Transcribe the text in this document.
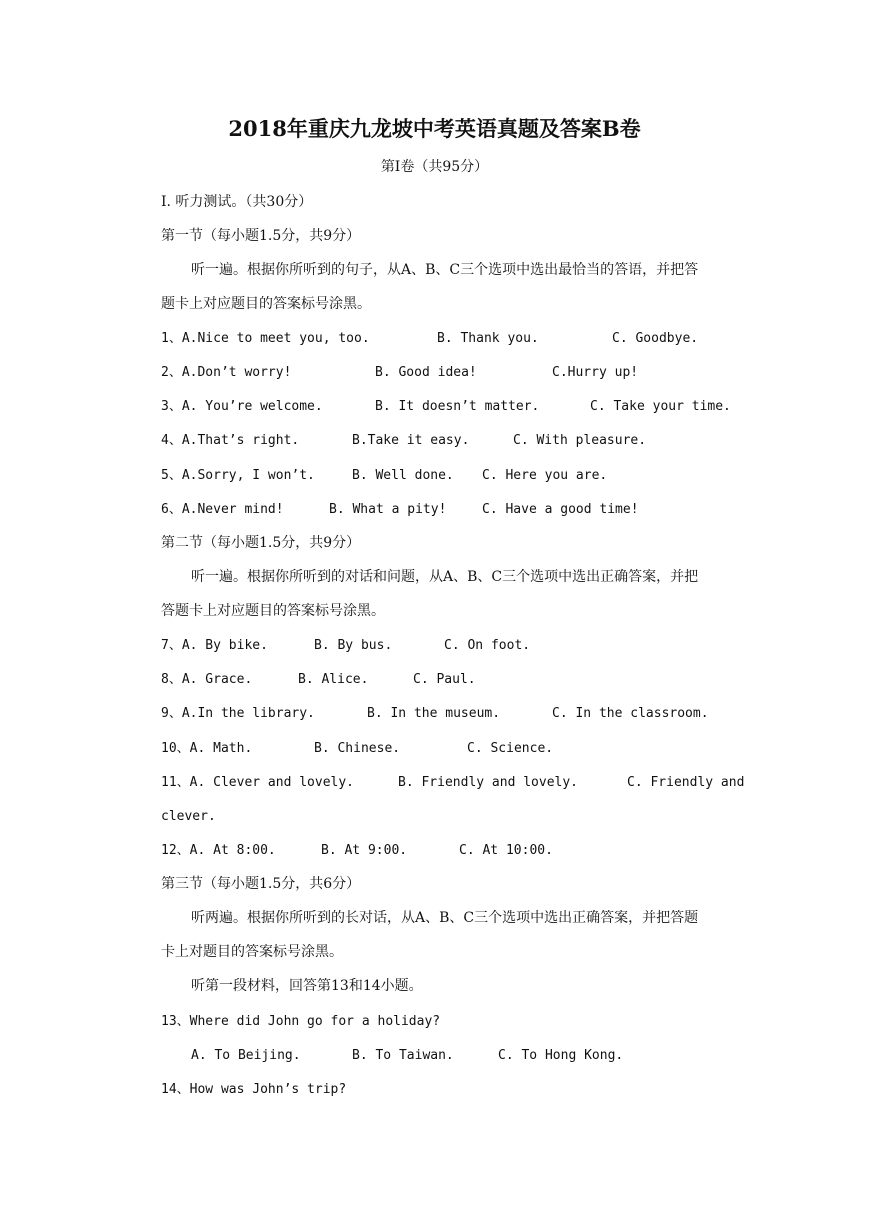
2018年重庆九龙坡中考英语真题及答案B卷
第Ⅰ卷（共95分）
Ⅰ. 听力测试。（共30分）
第一节（每小题1.5分，共9分）
听一遍。根据你所听到的句子，从A、B、C三个选项中选出最恰当的答语，并把答
题卡上对应题目的答案标号涂黑。
1、A.Nice to meet you, too.	B. Thank you.	C. Goodbye.
2、A.Don’t worry!	B. Good idea!	C.Hurry up!
3、A. You’re welcome.	B. It doesn’t matter.	C. Take your time.
4、A.That’s right.	B.Take it easy.	C. With pleasure.
5、A.Sorry, I won’t.	B. Well done. C. Here you are.
6、A.Never mind!	B. What a pity!	C. Have a good time!
第二节（每小题1.5分，共9分）
听一遍。根据你所听到的对话和问题，从A、B、C三个选项中选出正确答案，并把
答题卡上对应题目的答案标号涂黑。
7、A. By bike.	B. By bus.	C. On foot.
8、A. Grace.	B. Alice.	C. Paul.
9、A.In the library.	B. In the museum.	C. In the classroom.
10、A. Math.	B. Chinese.	C. Science.
11、A. Clever and lovely.	B. Friendly and lovely.	C. Friendly and
clever.
12、A. At 8:00.	B. At 9:00.	C. At 10:00.
第三节（每小题1.5分，共6分）
听两遍。根据你所听到的长对话，从A、B、C三个选项中选出正确答案，并把答题
卡上对题目的答案标号涂黑。
听第一段材料，回答第13和14小题。
13、Where did John go for a holiday?
A. To Beijing.	B. To Taiwan.	C. To Hong Kong.
14、How was John’s trip?
